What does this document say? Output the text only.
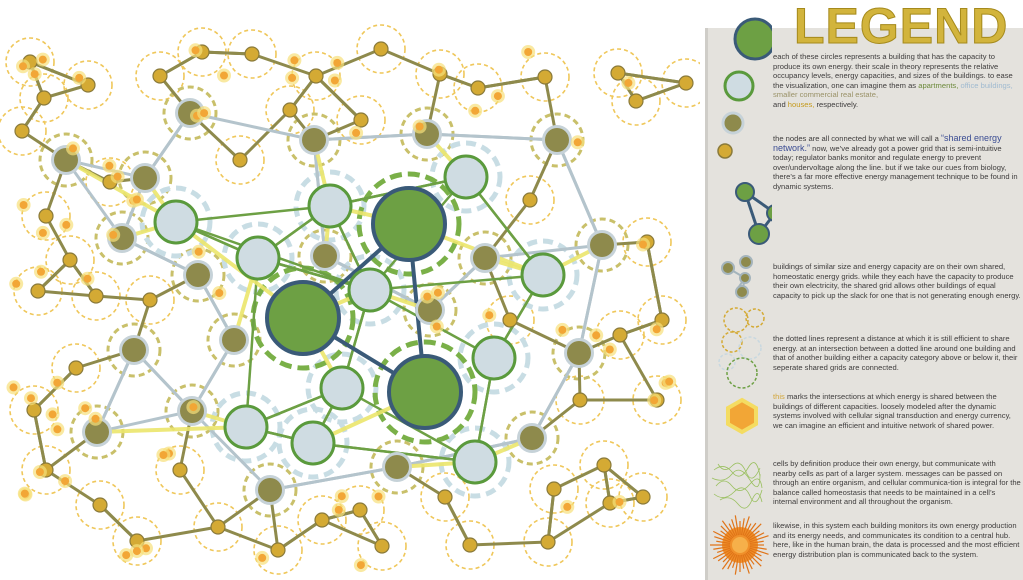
LEGEND

each of these circles represents a building that has the capacity to produce its own energy. their scale in theory represents the relative occupancy levels, energy capacities, and sizes of the buildings. to ease the visualization, one can imagine them as apartments, office buildings, smaller commercial real estate,
and houses, respectively.

the nodes are all connected by what we will call a “shared energy network.” now, we’ve already got a power grid that is semi-intuitive today; regulator banks monitor and regulate energy to prevent over/undervoltage along the line. but if we take our cues from biology, there’s a far more effective energy management technique to be found in dynamic systems.

buildings of similar size and energy capacity are on their own shared, homeostatic energy grids. while they each have the capacity to produce their own electricity, the shared grid allows other buildings of equal capacity to pick up the slack for one that is not generating enough energy.

the dotted lines represent a distance at which it is still efficient to share energy. at an intersection between a dotted line around one building and that of another building either a capacity category above or below it, their seperate shared grids are connected.

this marks the intersections at which energy is shared between the buildings of different capacities. loosely modeled after the dynamic systems involved with cellular signal transduction and energy currency, we can imagine an efficient and intuitive network of shared power.

cells by definition produce their own energy, but communicate with nearby cells as part of a larger system. messages can be passed on through an entire organism, and cellular communica-tion is integral for the balance called homeostasis that needs to be maintained in a cell’s internal environment and all throughout the organism.

likewise, in this system each building monitors its own energy production and its energy needs, and communicates its condition to a central hub. here, like in the human brain, the data is processed and the most efficient energy distribution plan is communicated back to the system.
